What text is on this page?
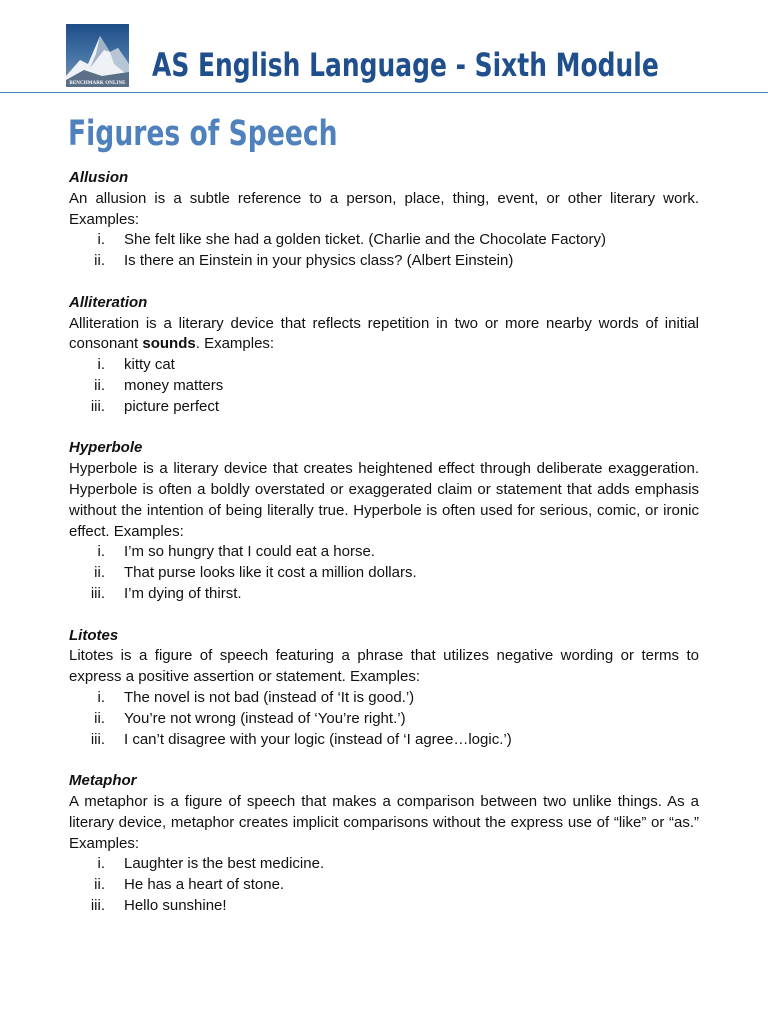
BENCHMARK ONLINE AS English Language - Sixth Module
Figures of Speech

Allusion

An allusion is a subtle reference to a person, place, thing, event, or other literary work. Examples:

i. She felt like she had a golden ticket. (Charlie and the Chocolate Factory)
ii. Is there an Einstein in your physics class? (Albert Einstein)

Alliteration

Alliteration is a literary device that reflects repetition in two or more nearby words of initial consonant sounds. Examples:

i. kitty cat
ii. money matters
iii. picture perfect

Hyperbole

Hyperbole is a literary device that creates heightened effect through deliberate exaggeration. Hyperbole is often a boldly overstated or exaggerated claim or statement that adds emphasis without the intention of being literally true. Hyperbole is often used for serious, comic, or ironic effect. Examples:

i. I’m so hungry that I could eat a horse.
ii. That purse looks like it cost a million dollars.
iii. I’m dying of thirst.

Litotes

Litotes is a figure of speech featuring a phrase that utilizes negative wording or terms to express a positive assertion or statement. Examples:

i. The novel is not bad (instead of ‘It is good.’)
ii. You’re not wrong (instead of ‘You’re right.’)
iii. I can’t disagree with your logic (instead of ‘I agree…logic.’)

Metaphor

A metaphor is a figure of speech that makes a comparison between two unlike things. As a literary device, metaphor creates implicit comparisons without the express use of “like” or “as.” Examples:

i. Laughter is the best medicine.
ii. He has a heart of stone.
iii. Hello sunshine!
